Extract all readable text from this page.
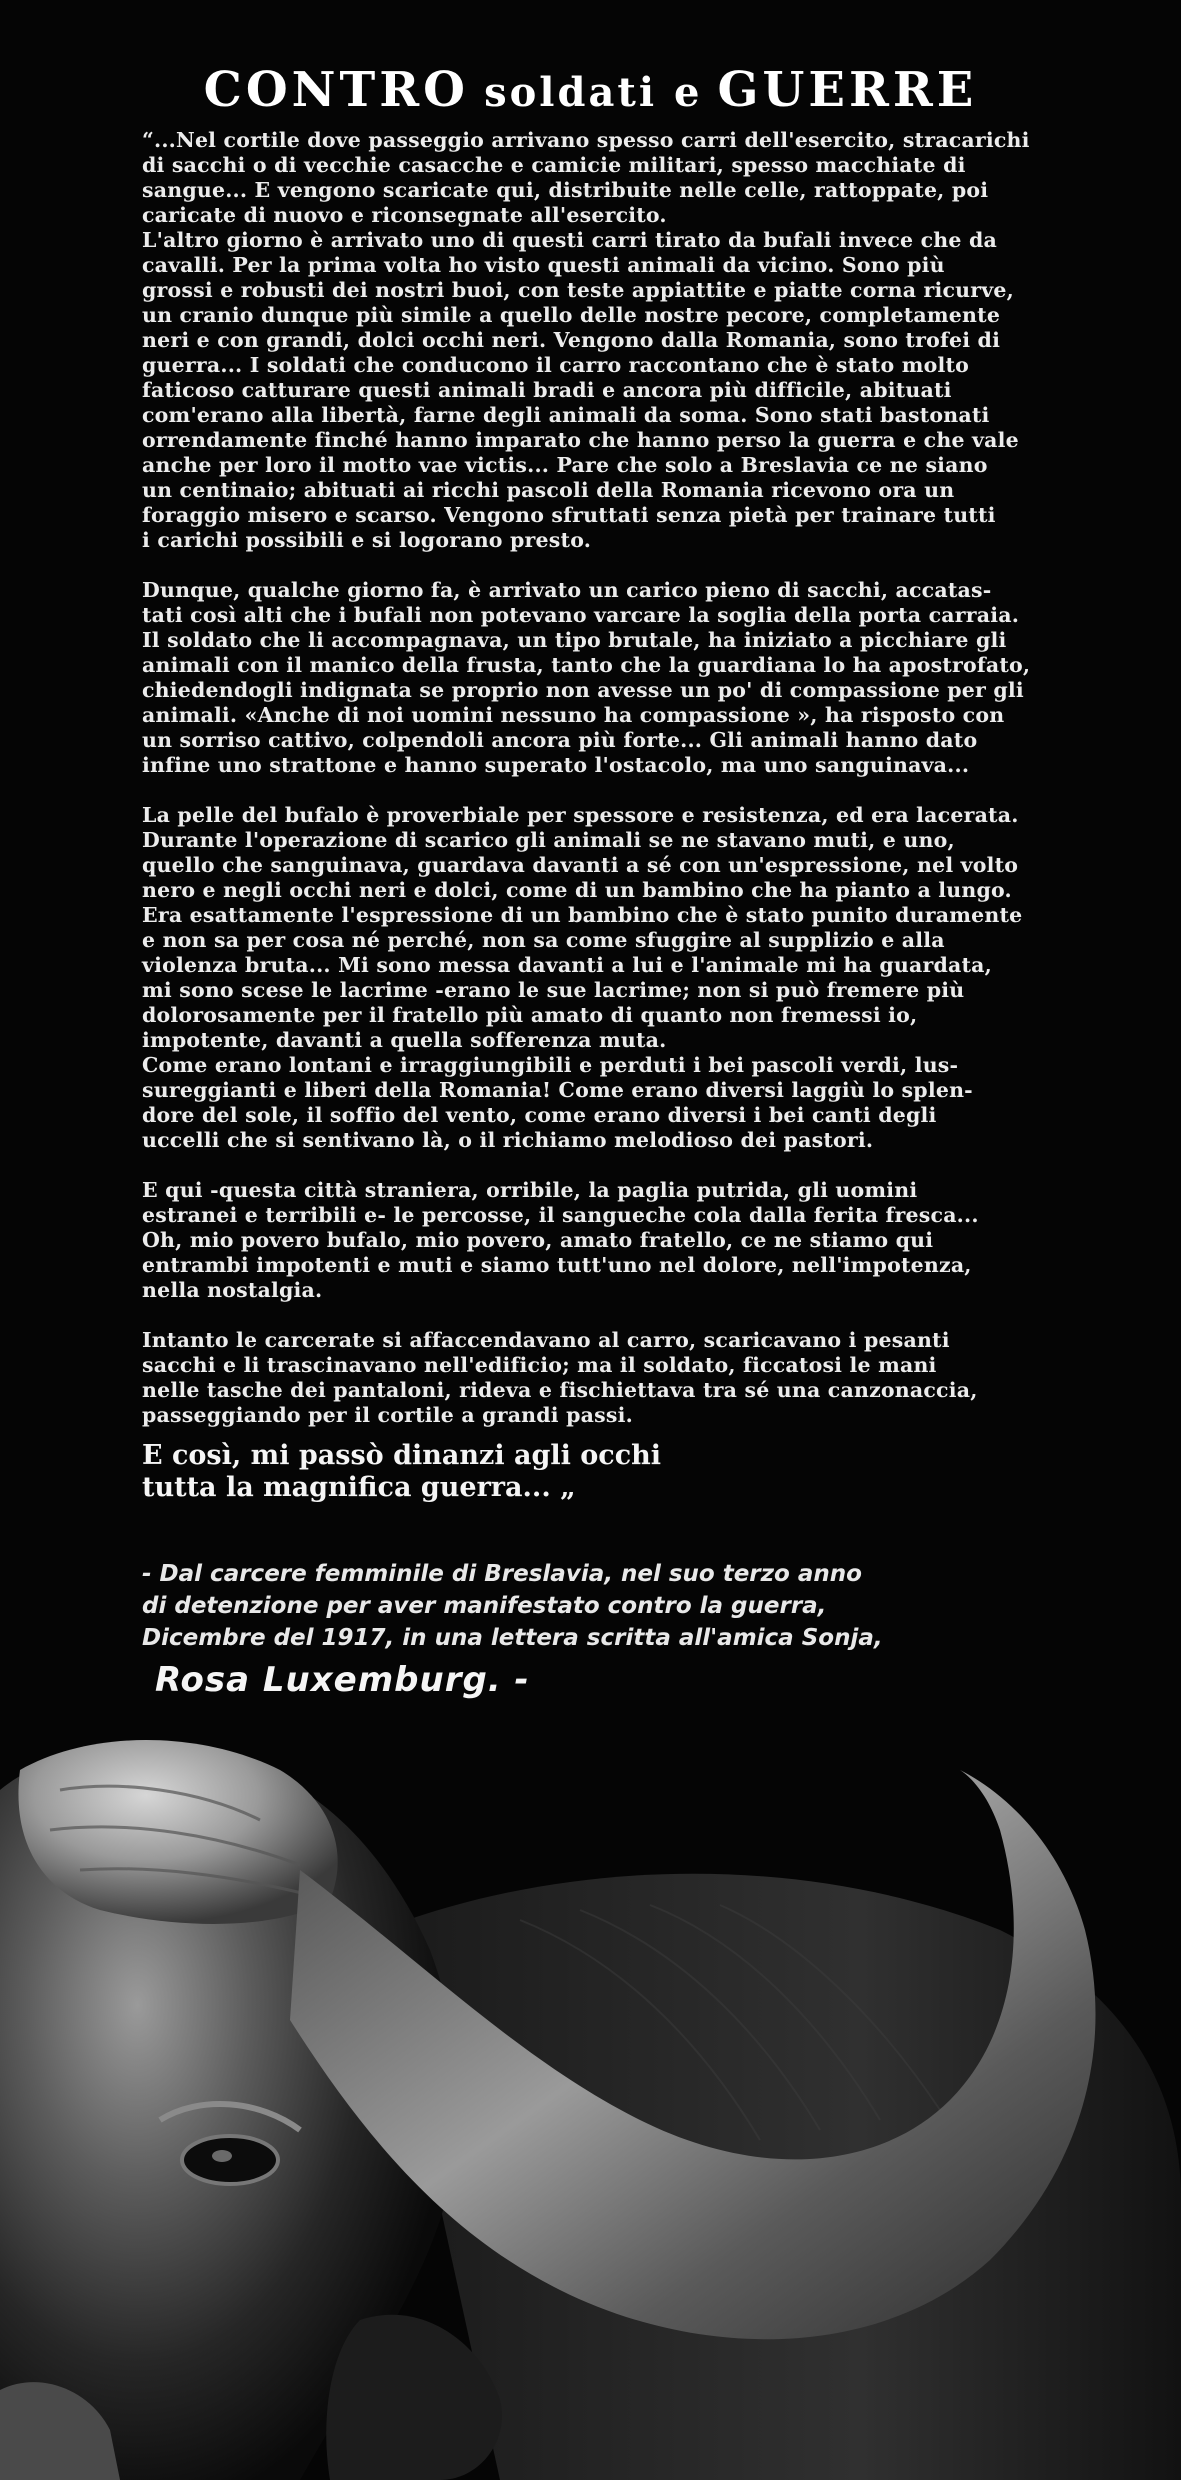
CONTRO soldati e GUERRE

“...Nel cortile dove passeggio arrivano spesso carri dell'esercito, stracarichi
di sacchi o di vecchie casacche e camicie militari, spesso macchiate di
sangue... E vengono scaricate qui, distribuite nelle celle, rattoppate, poi
caricate di nuovo e riconsegnate all'esercito.
L'altro giorno è arrivato uno di questi carri tirato da bufali invece che da
cavalli. Per la prima volta ho visto questi animali da vicino. Sono più
grossi e robusti dei nostri buoi, con teste appiattite e piatte corna ricurve,
un cranio dunque più simile a quello delle nostre pecore, completamente
neri e con grandi, dolci occhi neri. Vengono dalla Romania, sono trofei di
guerra... I soldati che conducono il carro raccontano che è stato molto
faticoso catturare questi animali bradi e ancora più difficile, abituati
com'erano alla libertà, farne degli animali da soma. Sono stati bastonati
orrendamente finché hanno imparato che hanno perso la guerra e che vale
anche per loro il motto vae victis... Pare che solo a Breslavia ce ne siano
un centinaio; abituati ai ricchi pascoli della Romania ricevono ora un
foraggio misero e scarso. Vengono sfruttati senza pietà per trainare tutti
i carichi possibili e si logorano presto.

Dunque, qualche giorno fa, è arrivato un carico pieno di sacchi, accatas-
tati così alti che i bufali non potevano varcare la soglia della porta carraia.
Il soldato che li accompagnava, un tipo brutale, ha iniziato a picchiare gli
animali con il manico della frusta, tanto che la guardiana lo ha apostrofato,
chiedendogli indignata se proprio non avesse un po' di compassione per gli
animali. «Anche di noi uomini nessuno ha compassione », ha risposto con
un sorriso cattivo, colpendoli ancora più forte... Gli animali hanno dato
infine uno strattone e hanno superato l'ostacolo, ma uno sanguinava...

La pelle del bufalo è proverbiale per spessore e resistenza, ed era lacerata.
Durante l'operazione di scarico gli animali se ne stavano muti, e uno,
quello che sanguinava, guardava davanti a sé con un'espressione, nel volto
nero e negli occhi neri e dolci, come di un bambino che ha pianto a lungo.
Era esattamente l'espressione di un bambino che è stato punito duramente
e non sa per cosa né perché, non sa come sfuggire al supplizio e alla
violenza bruta... Mi sono messa davanti a lui e l'animale mi ha guardata,
mi sono scese le lacrime -erano le sue lacrime; non si può fremere più
dolorosamente per il fratello più amato di quanto non fremessi io,
impotente, davanti a quella sofferenza muta.
Come erano lontani e irraggiungibili e perduti i bei pascoli verdi, lus-
sureggianti e liberi della Romania! Come erano diversi laggiù lo splen-
dore del sole, il soffio del vento, come erano diversi i bei canti degli
uccelli che si sentivano là, o il richiamo melodioso dei pastori.

E qui -questa città straniera, orribile, la paglia putrida, gli uomini
estranei e terribili e- le percosse, il sangueche cola dalla ferita fresca...
Oh, mio povero bufalo, mio povero, amato fratello, ce ne stiamo qui
entrambi impotenti e muti e siamo tutt'uno nel dolore, nell'impotenza,
nella nostalgia.

Intanto le carcerate si affaccendavano al carro, scaricavano i pesanti
sacchi e li trascinavano nell'edificio; ma il soldato, ficcatosi le mani
nelle tasche dei pantaloni, rideva e fischiettava tra sé una canzonaccia,
passeggiando per il cortile a grandi passi.

E così, mi passò dinanzi agli occhi
tutta la magnifica guerra... „

- Dal carcere femminile di Breslavia, nel suo terzo anno
di detenzione per aver manifestato contro la guerra,
Dicembre del 1917, in una lettera scritta all'amica Sonja,

Rosa Luxemburg. -
